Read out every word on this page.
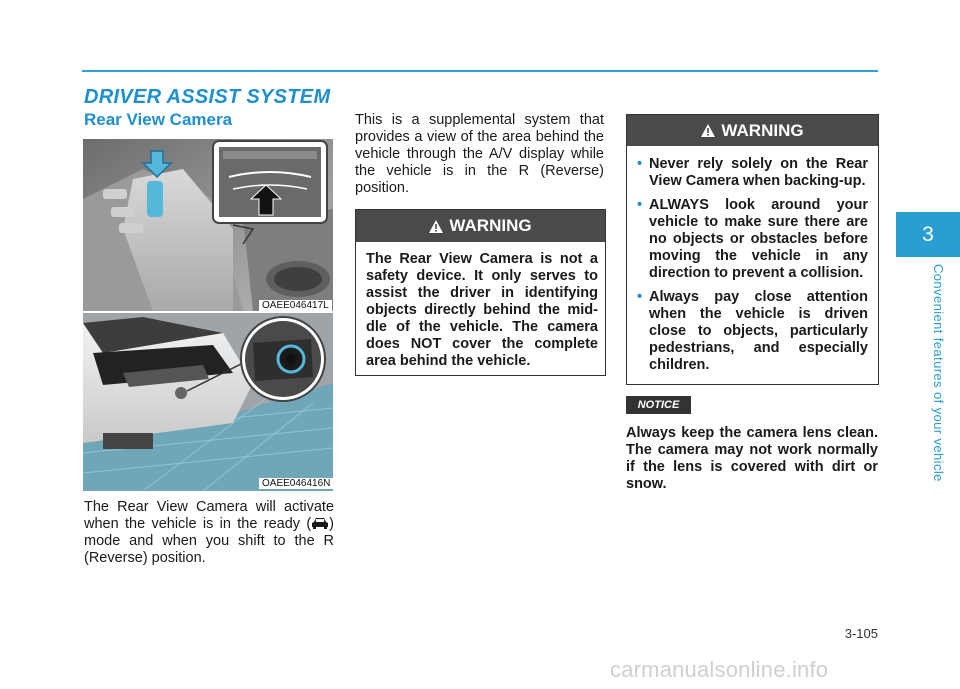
DRIVER ASSIST SYSTEM
Rear View Camera
OAEE046417L
OAEE046416N
The Rear View Camera will activate when the vehicle is in the ready ( ) mode and when you shift to the R (Reverse) position.
This is a supplemental system that provides a view of the area behind the vehicle through the A/V display while the vehicle is in the R (Reverse) position.
WARNING
The Rear View Camera is not a safety device. It only serves to assist the driver in identifying objects directly behind the mid-dle of the vehicle. The camera does NOT cover the complete area behind the vehicle.
WARNING
• Never rely solely on the Rear View Camera when backing-up.
• ALWAYS look around your vehicle to make sure there are no objects or obstacles before moving the vehicle in any direction to prevent a collision.
• Always pay close attention when the vehicle is driven close to objects, particularly pedestrians, and especially children.
NOTICE
Always keep the camera lens clean. The camera may not work normally if the lens is covered with dirt or snow.
3
Convenient features of your vehicle
3-105
carmanualsonline.info
